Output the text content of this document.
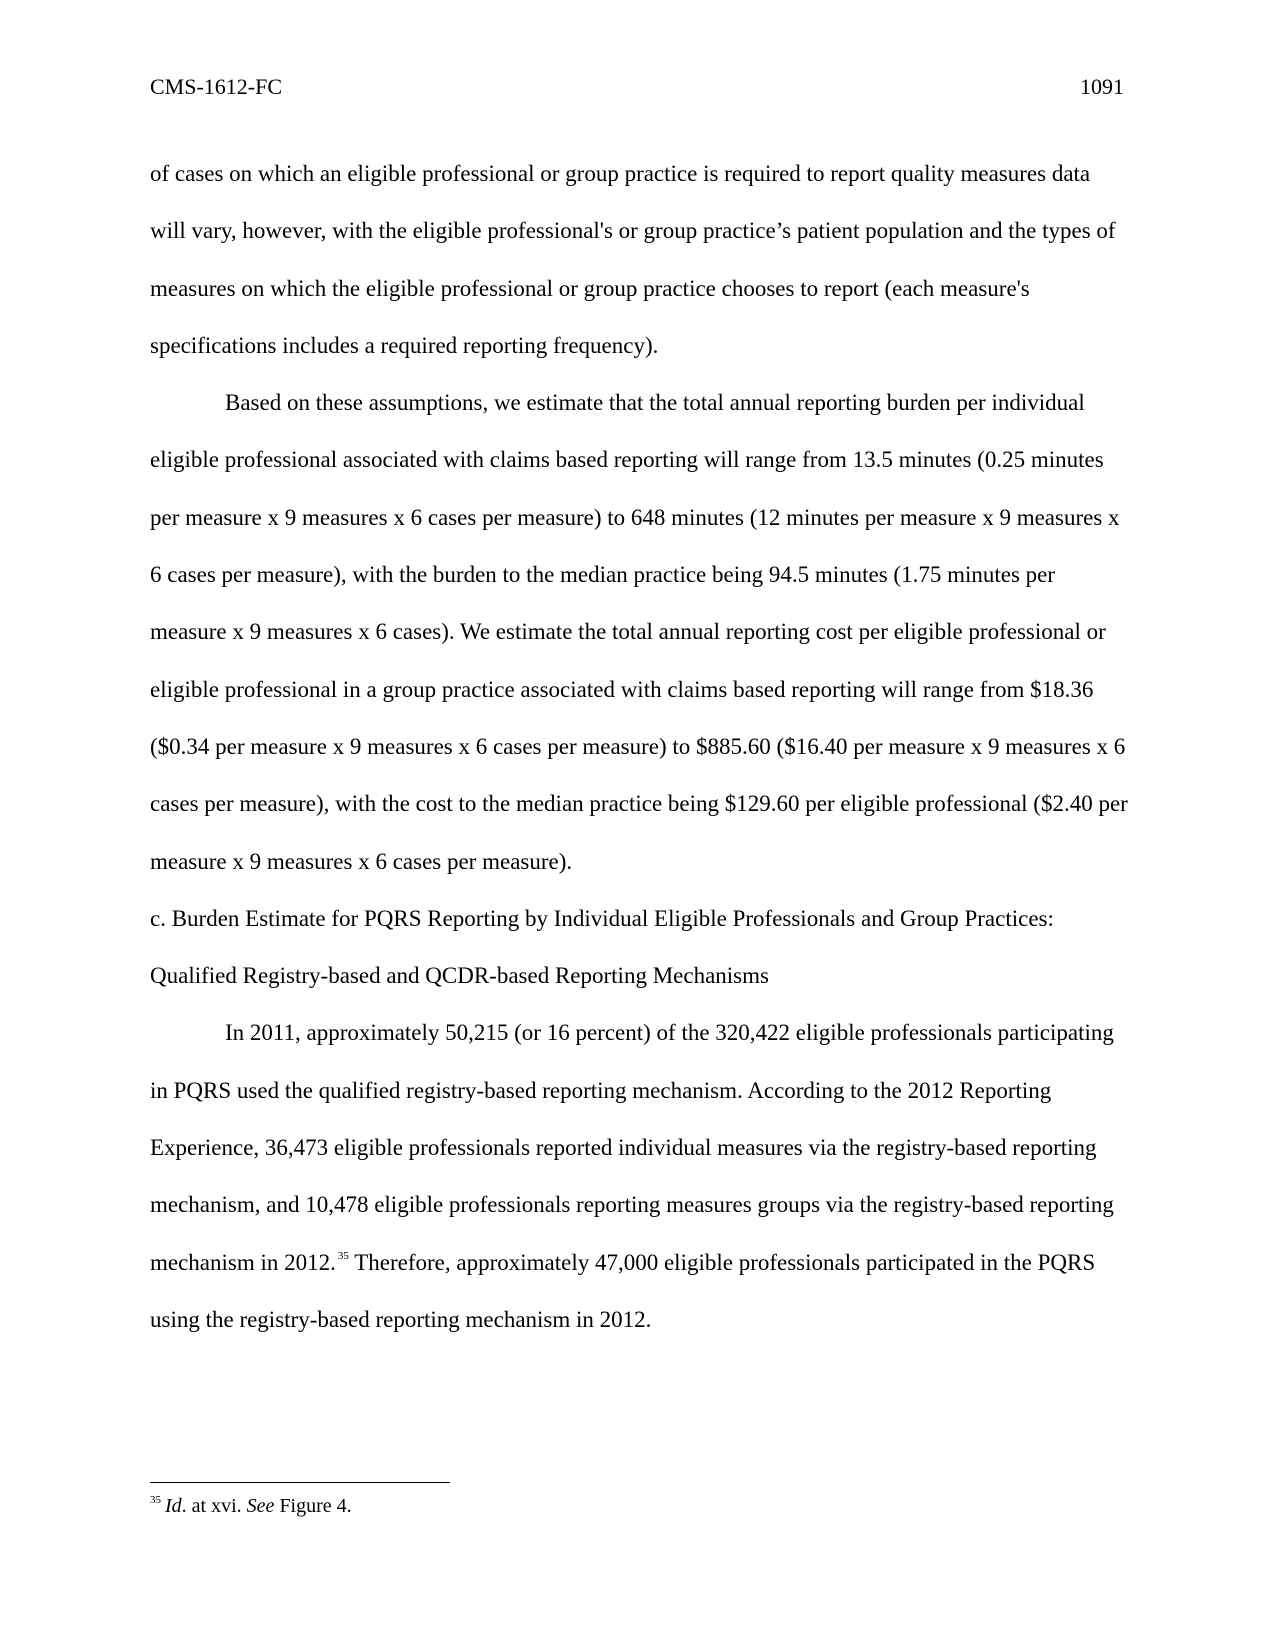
CMS-1612-FC	1091

of cases on which an eligible professional or group practice is required to report quality measures data will vary, however, with the eligible professional's or group practice’s patient population and the types of measures on which the eligible professional or group practice chooses to report (each measure's specifications includes a required reporting frequency).

Based on these assumptions, we estimate that the total annual reporting burden per individual eligible professional associated with claims based reporting will range from 13.5 minutes (0.25 minutes per measure x 9 measures x 6 cases per measure) to 648 minutes (12 minutes per measure x 9 measures x 6 cases per measure), with the burden to the median practice being 94.5 minutes (1.75 minutes per measure x 9 measures x 6 cases). We estimate the total annual reporting cost per eligible professional or eligible professional in a group practice associated with claims based reporting will range from $18.36 ($0.34 per measure x 9 measures x 6 cases per measure) to $885.60 ($16.40 per measure x 9 measures x 6 cases per measure), with the cost to the median practice being $129.60 per eligible professional ($2.40 per measure x 9 measures x 6 cases per measure).

c. Burden Estimate for PQRS Reporting by Individual Eligible Professionals and Group Practices: Qualified Registry-based and QCDR-based Reporting Mechanisms

In 2011, approximately 50,215 (or 16 percent) of the 320,422 eligible professionals participating in PQRS used the qualified registry-based reporting mechanism. According to the 2012 Reporting Experience, 36,473 eligible professionals reported individual measures via the registry-based reporting mechanism, and 10,478 eligible professionals reporting measures groups via the registry-based reporting mechanism in 2012. $^{35}$ Therefore, approximately 47,000 eligible professionals participated in the PQRS using the registry-based reporting mechanism in 2012.

$^{35}$ Id. at xvi. See Figure 4.
